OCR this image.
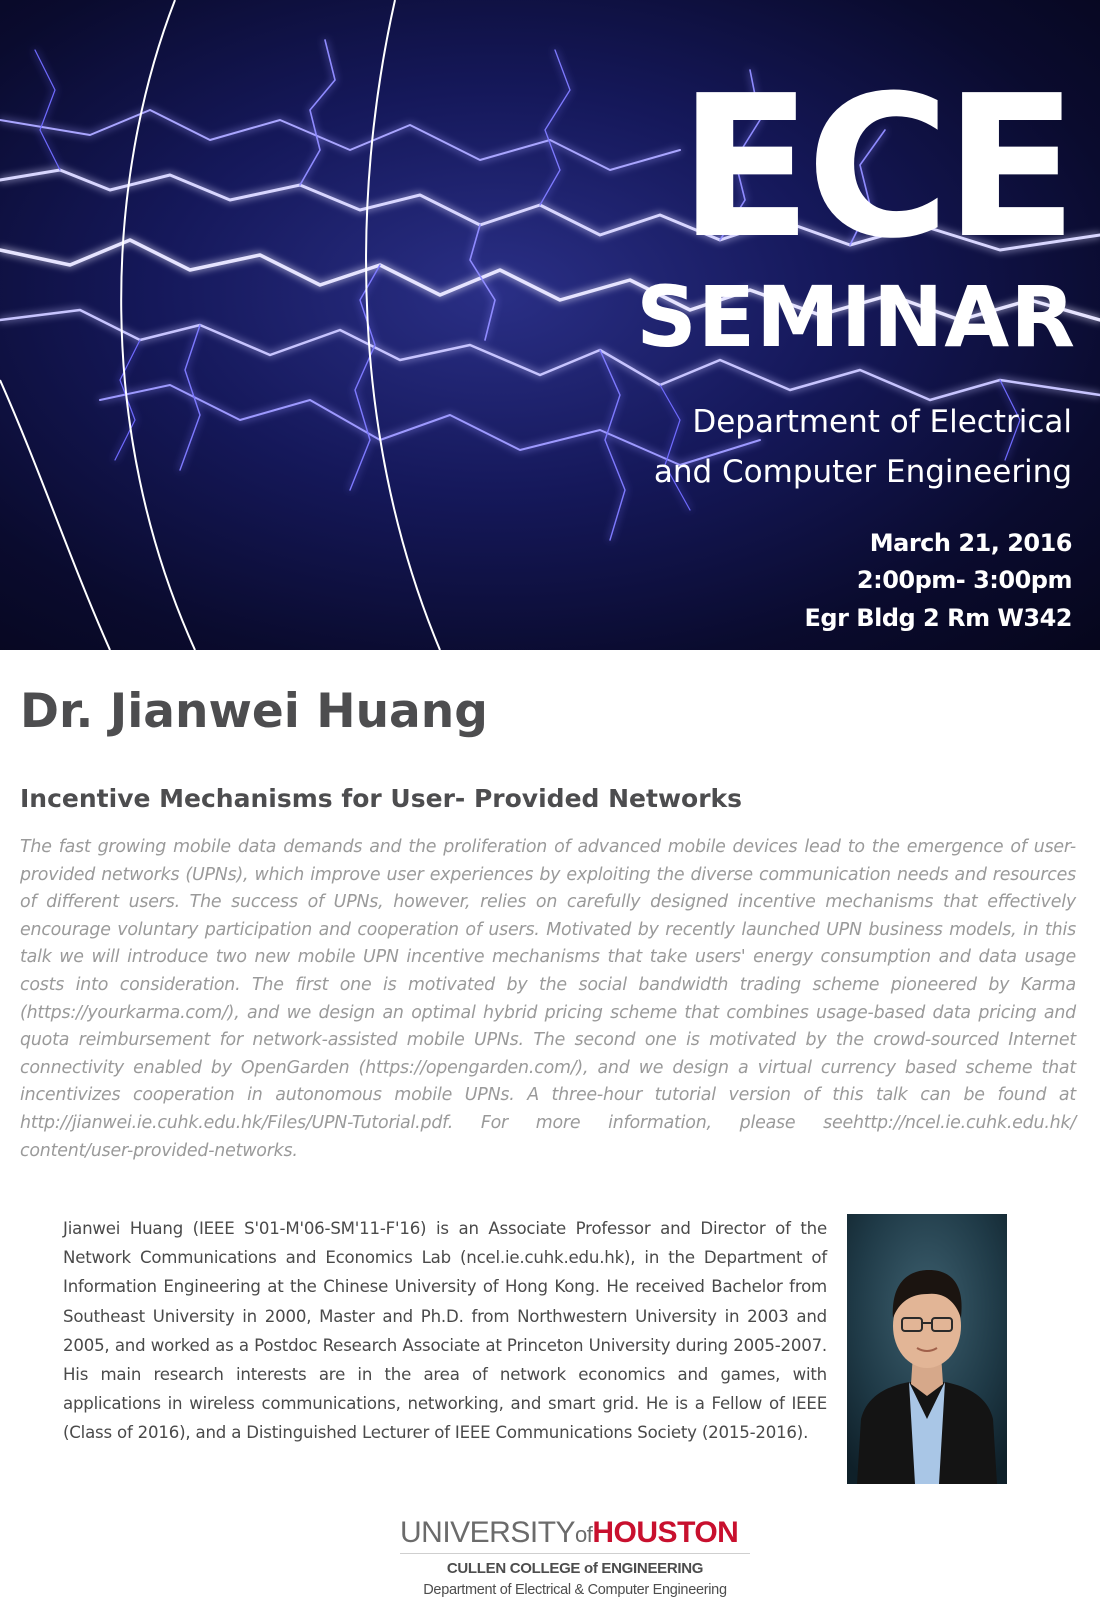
ECE
SEMINAR
Department of Electrical
and Computer Engineering
March 21, 2016
2:00pm- 3:00pm
Egr Bldg 2 Rm W342
Dr. Jianwei Huang
Incentive Mechanisms for User- Provided Networks

The fast growing mobile data demands and the proliferation of advanced mobile devices lead to the emergence of user-provided networks (UPNs), which improve user experiences by exploiting the diverse communication needs and resources of different users. The success of UPNs, however, relies on carefully designed incentive mechanisms that effectively encourage voluntary participation and cooperation of users. Motivated by recently launched UPN business models, in this talk we will introduce two new mobile UPN incentive mechanisms that take users' energy consumption and data usage costs into consideration. The first one is motivated by the social bandwidth trading scheme pioneered by Karma (https://yourkarma.com/), and we design an optimal hybrid pricing scheme that combines usage-based data pricing and quota reimbursement for network-assisted mobile UPNs. The second one is motivated by the crowd-sourced Internet connectivity enabled by OpenGarden (https://opengarden.com/), and we design a virtual currency based scheme that incentivizes cooperation in autonomous mobile UPNs. A three-hour tutorial version of this talk can be found at http://jianwei.ie.cuhk.edu.hk/Files/UPN-Tutorial.pdf. For more information, please seehttp://ncel.ie.cuhk.edu.hk/ content/user-provided-networks.

Jianwei Huang (IEEE S'01-M'06-SM'11-F'16) is an Associate Professor and Director of the Network Communications and Economics Lab (ncel.ie.cuhk.edu.hk), in the Department of Information Engineering at the Chinese University of Hong Kong. He received Bachelor from Southeast University in 2000, Master and Ph.D. from Northwestern University in 2003 and 2005, and worked as a Postdoc Research Associate at Princeton University during 2005-2007. His main research interests are in the area of network economics and games, with applications in wireless communications, networking, and smart grid. He is a Fellow of IEEE (Class of 2016), and a Distinguished Lecturer of IEEE Communications Society (2015-2016).

UNIVERSITYofHOUSTON
CULLEN COLLEGE of ENGINEERING
Department of Electrical & Computer Engineering
